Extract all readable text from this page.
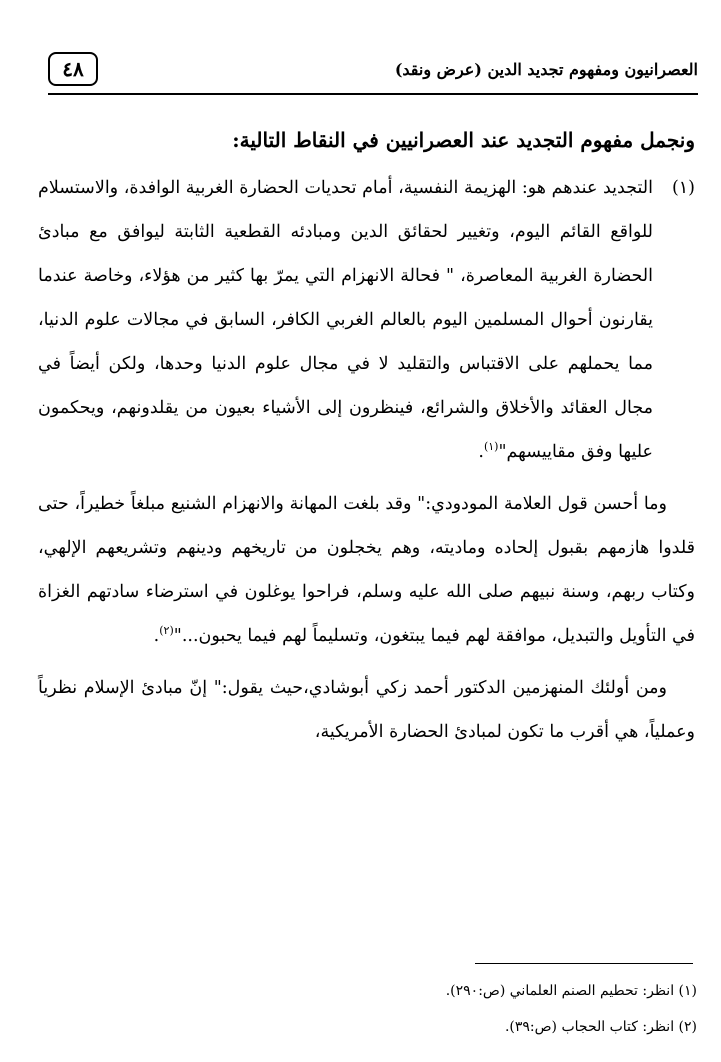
٤٨	العصرانيون ومفهوم تجديد الدين (عرض ونقد)
ونجمل مفهوم التجديد عند العصرانيين في النقاط التالية:
(١)

التجديد عندهم هو: الهزيمة النفسية، أمام تحديات الحضارة الغربية الوافدة، والاستسلام للواقع القائم اليوم، وتغيير لحقائق الدين ومبادئه القطعية الثابتة ليوافق مع مبادئ الحضارة الغربية المعاصرة، " فحالة الانهزام التي يمرّ بها كثير من هؤلاء، وخاصة عندما يقارنون أحوال المسلمين اليوم بالعالم الغربي الكافر، السابق في مجالات علوم الدنيا، مما يحملهم على الاقتباس والتقليد لا في مجال علوم الدنيا وحدها، ولكن أيضاً في مجال العقائد والأخلاق والشرائع، فينظرون إلى الأشياء بعيون من يقلدونهم، ويحكمون عليها وفق مقاييسهم"$^{(١)}$.

وما أحسن قول العلامة المودودي:" وقد بلغت المهانة والانهزام الشنيع مبلغاً خطيراً، حتى قلدوا هازمهم بقبول إلحاده وماديته، وهم يخجلون من تاريخهم ودينهم وتشريعهم الإلهي، وكتاب ربهم، وسنة نبيهم صلى الله عليه وسلم، فراحوا يوغلون في استرضاء سادتهم الغزاة في التأويل والتبديل، موافقة لهم فيما يبتغون، وتسليماً لهم فيما يحبون..."$^{(٢)}$.

ومن أولئك المنهزمين الدكتور أحمد زكي أبوشادي،حيث يقول:" إنّ مبادئ الإسلام نظرياً وعملياً، هي أقرب ما تكون لمبادئ الحضارة الأمريكية،

(١) انظر: تحطيم الصنم العلماني (ص:٢٩٠).

(٢) انظر: كتاب الحجاب (ص:٣٩).
